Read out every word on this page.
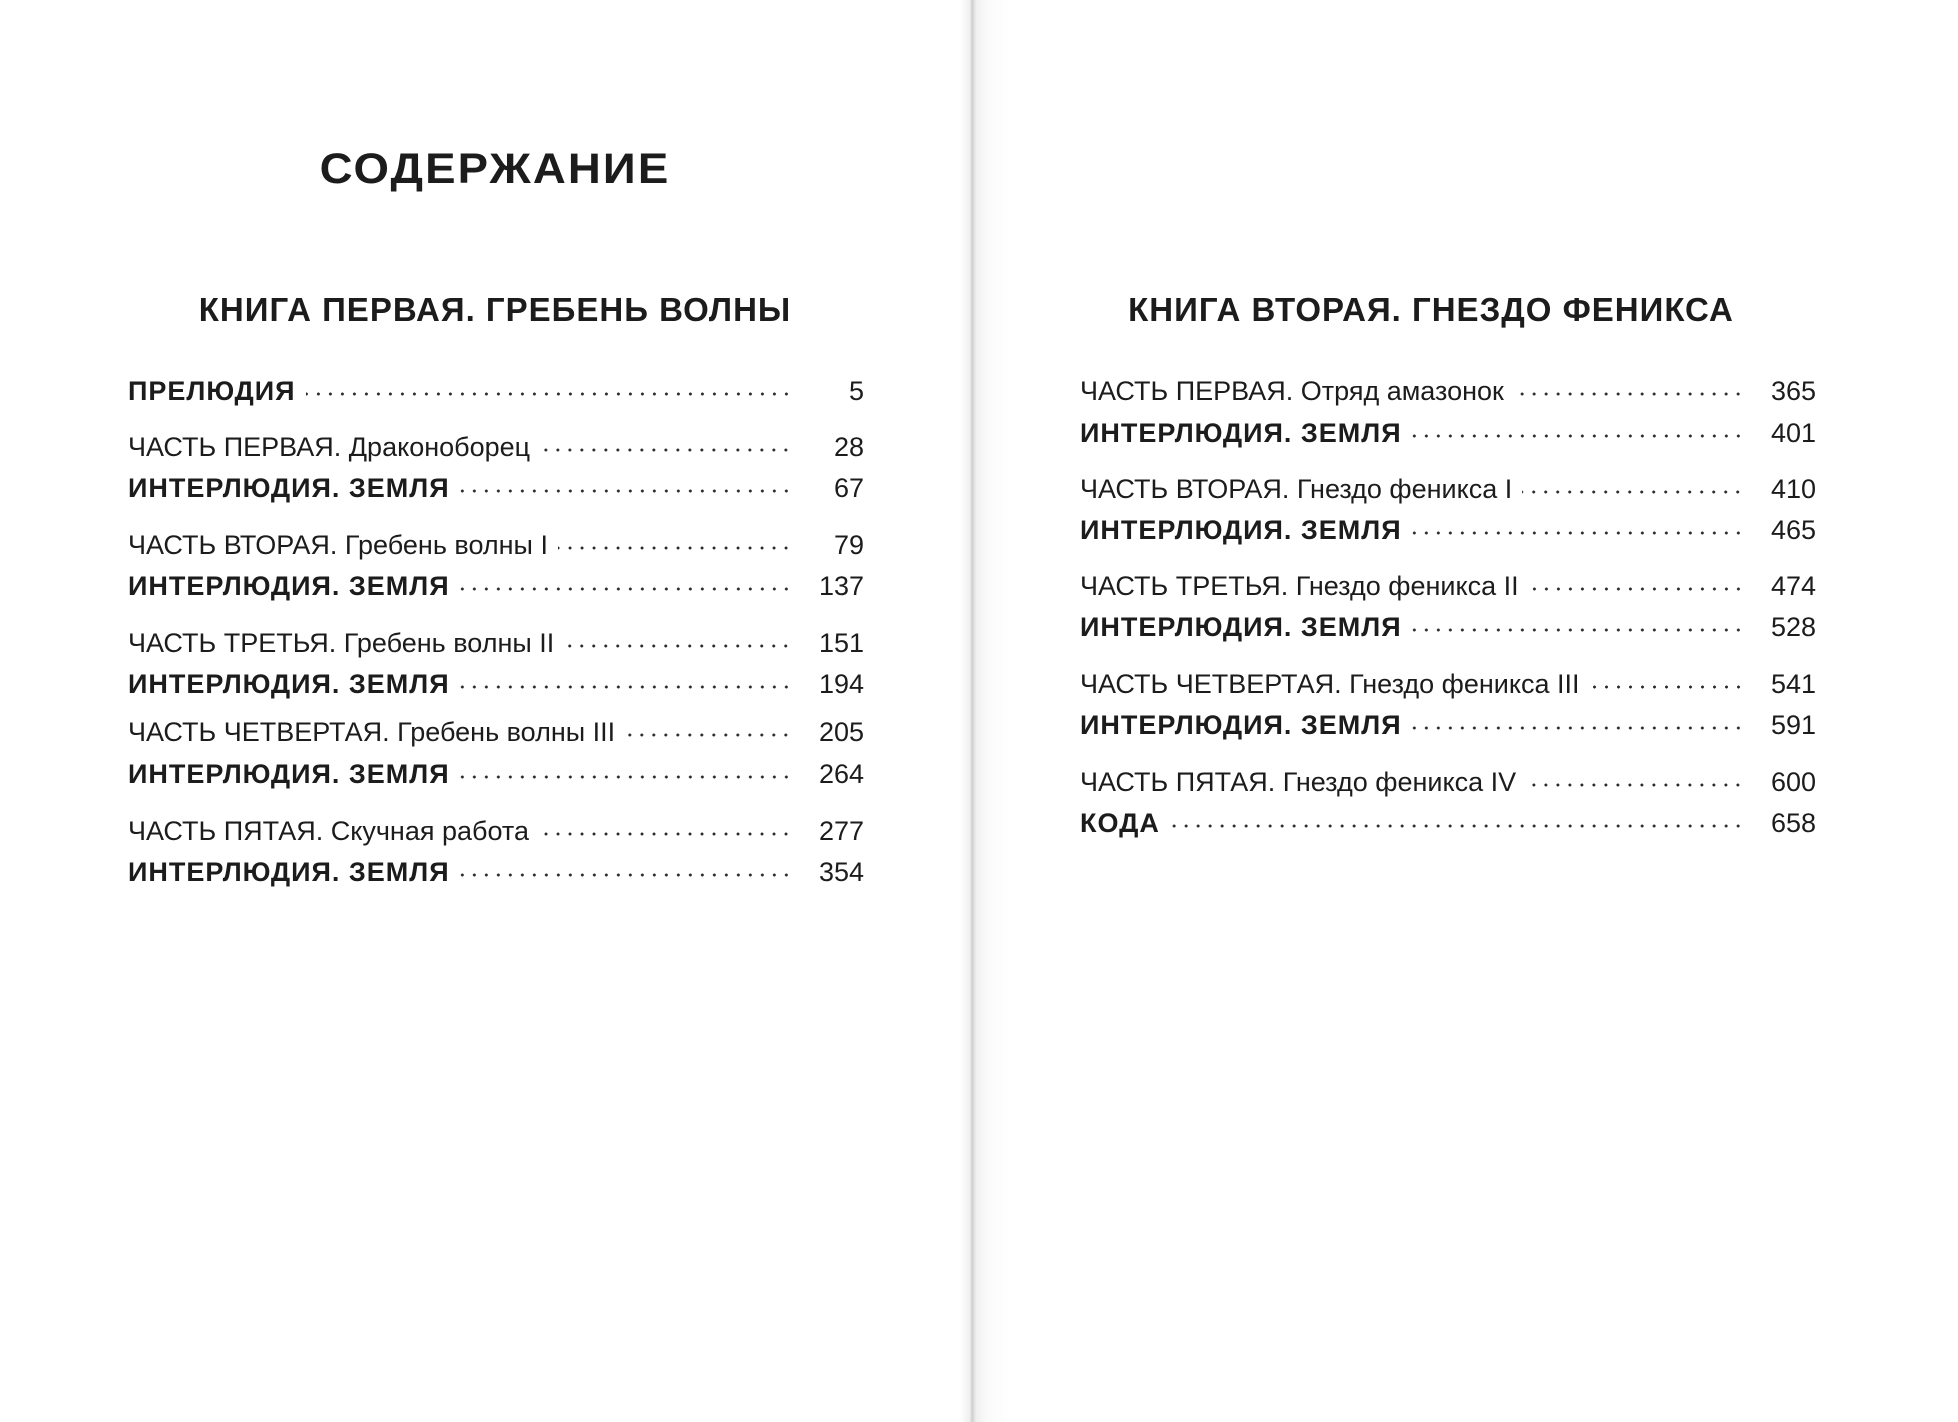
СОДЕРЖАНИЕ
КНИГА ПЕРВАЯ. ГРЕБЕНЬ ВОЛНЫ
ПРЕЛЮДИЯ	5
ЧАСТЬ ПЕРВАЯ. Драконоборец	28
ИНТЕРЛЮДИЯ. ЗЕМЛЯ	67
ЧАСТЬ ВТОРАЯ. Гребень волны I	79
ИНТЕРЛЮДИЯ. ЗЕМЛЯ	137
ЧАСТЬ ТРЕТЬЯ. Гребень волны II	151
ИНТЕРЛЮДИЯ. ЗЕМЛЯ	194
ЧАСТЬ ЧЕТВЕРТАЯ. Гребень волны III	205
ИНТЕРЛЮДИЯ. ЗЕМЛЯ	264
ЧАСТЬ ПЯТАЯ. Скучная работа	277
ИНТЕРЛЮДИЯ. ЗЕМЛЯ	354
КНИГА ВТОРАЯ. ГНЕЗДО ФЕНИКСА
ЧАСТЬ ПЕРВАЯ. Отряд амазонок	365
ИНТЕРЛЮДИЯ. ЗЕМЛЯ	401
ЧАСТЬ ВТОРАЯ. Гнездо феникса I	410
ИНТЕРЛЮДИЯ. ЗЕМЛЯ	465
ЧАСТЬ ТРЕТЬЯ. Гнездо феникса II	474
ИНТЕРЛЮДИЯ. ЗЕМЛЯ	528
ЧАСТЬ ЧЕТВЕРТАЯ. Гнездо феникса III	541
ИНТЕРЛЮДИЯ. ЗЕМЛЯ	591
ЧАСТЬ ПЯТАЯ. Гнездо феникса IV	600
КОДА	658
